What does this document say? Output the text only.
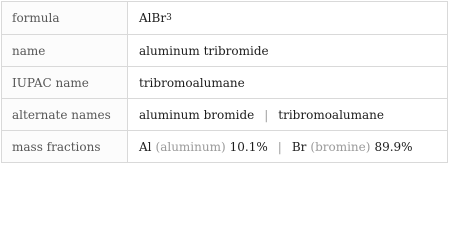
formula	AlBr 3
name	aluminum tribromide
IUPAC name	tribromoalumane
alternate names	aluminum bromide | tribromoalumane
mass fractions	Al (aluminum) 10.1% | Br (bromine) 89.9%
